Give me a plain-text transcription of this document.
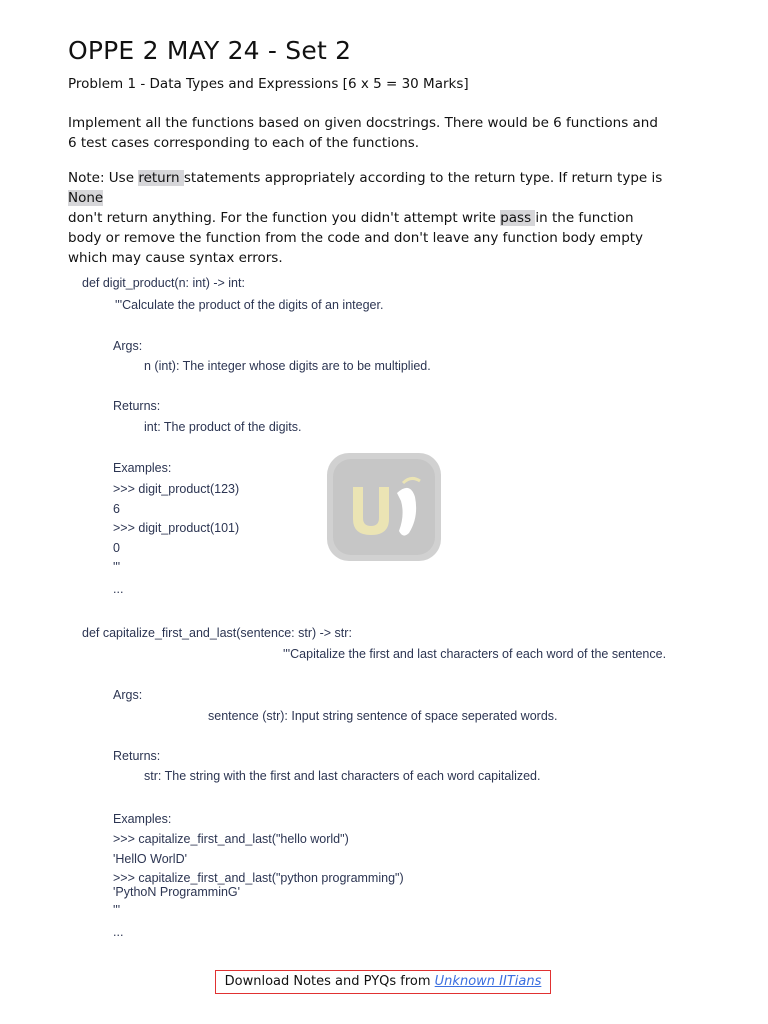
OPPE 2 MAY 24 - Set 2
Problem 1 - Data Types and Expressions [6 x 5 = 30 Marks]
Implement all the functions based on given docstrings. There would be 6 functions and 6 test cases corresponding to each of the functions.
Note: Use return statements appropriately according to the return type. If return type is None
don't return anything. For the function you didn't attempt write pass in the function body or remove the function from the code and don't leave any function body empty which may cause syntax errors.
def digit_product(n: int) -> int:
'''Calculate the product of the digits of an integer.
Args:
n (int): The integer whose digits are to be multiplied.
Returns:
int: The product of the digits.
Examples:
>>> digit_product(123)
6
>>> digit_product(101)
0
'''
...
def capitalize_first_and_last(sentence: str) -> str:
'''Capitalize the first and last characters of each word of the sentence.
Args:
sentence (str): Input string sentence of space seperated words.
Returns:
str: The string with the first and last characters of each word capitalized.
Examples:
>>> capitalize_first_and_last("hello world")
'HellO WorlD'
>>> capitalize_first_and_last("python programming")
'PythoN ProgramminG'
'''
...
Download Notes and PYQs from Unknown IITians
